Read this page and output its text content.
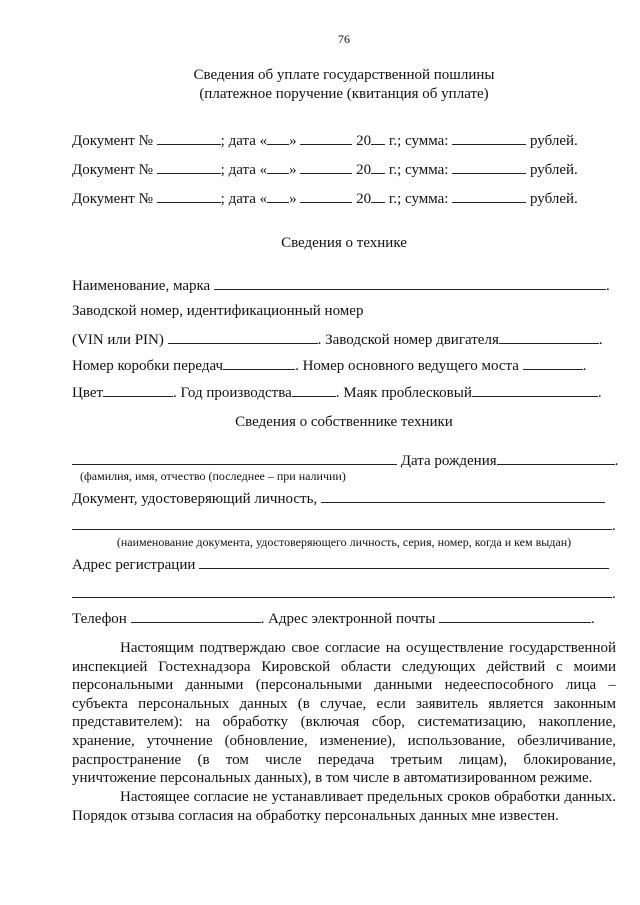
76
Сведения об уплате государственной пошлины
(платежное поручение (квитанция об уплате)
Документ №	; дата « »	20 г.; сумма:	рублей.
Документ №	; дата « »	20 г.; сумма:	рублей.
Документ №	; дата « »	20 г.; сумма:	рублей.
Сведения о технике
Наименование, марка	.
Заводской номер, идентификационный номер
(VIN или PIN)	. Заводской номер двигателя	.
Номер коробки передач	. Номер основного ведущего моста	.
Цвет	. Год производства	. Маяк проблесковый	.
Сведения о собственнике техники
Дата рождения	.
(фамилия, имя, отчество (последнее – при наличии)
Документ, удостоверяющий личность,
.
(наименование документа, удостоверяющего личность, серия, номер, когда и кем выдан)
Адрес регистрации
.
Телефон	. Адрес электронной почты	.
Настоящим подтверждаю свое согласие на осуществление государственной инспекцией Гостехнадзора Кировской области следующих действий с моими персональными данными (персональными данными недееспособного лица – субъекта персональных данных (в случае, если заявитель является законным представителем): на обработку (включая сбор, систематизацию, накопление, хранение, уточнение (обновление, изменение), использование, обезличивание, распространение (в том числе передача третьим лицам), блокирование, уничтожение персональных данных), в том числе в автоматизированном режиме.
Настоящее согласие не устанавливает предельных сроков обработки данных. Порядок отзыва согласия на обработку персональных данных мне известен.
